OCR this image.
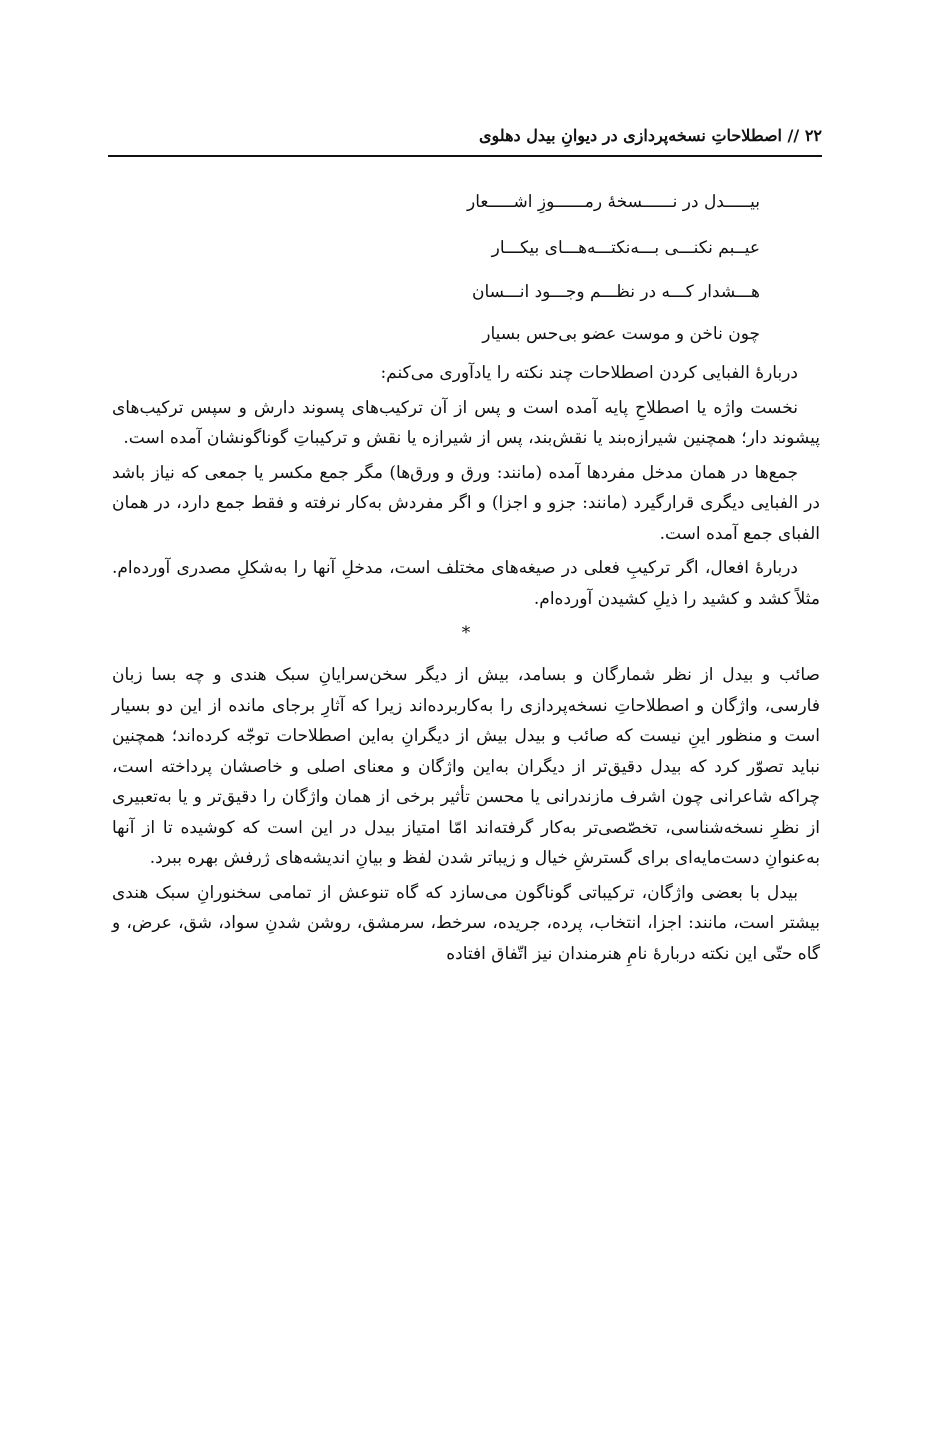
۲۲ // اصطلاحاتِ نسخه‌پردازی در دیوانِ بیدل دهلوی
بیـــــدل در نــــــسخهٔ رمــــــوزِ اشـــــعار
عیــبم نکنـــی بـــه‌نکتـــه‌هـــای بیکـــار
هـــشدار کـــه در نظـــم وجـــود انـــسان
چون ناخن و موست عضو بی‌حس بسیار

دربارهٔ الفبایی کردن اصطلاحات چند نکته را یادآوری می‌کنم:

نخست واژه یا اصطلاحِ پایه آمده است و پس از آن ترکیب‌های پسوند دارش و سپس ترکیب‌های پیشوند دار؛ همچنین شیرازه‌بند یا نقش‌بند، پس از شیرازه یا نقش و ترکیباتِ گوناگونشان آمده است.

جمع‌ها در همان مدخل مفردها آمده (مانند: ورق و ورق‌ها) مگر جمع مکسر یا جمعی که نیاز باشد در الفبایی دیگری قرارگیرد (مانند: جزو و اجزا) و اگر مفردش به‌کار نرفته و فقط جمع دارد، در همان الفبای جمع آمده است.

دربارهٔ افعال، اگر ترکیبِ فعلی در صیغه‌های مختلف است، مدخلِ آنها را به‌شکلِ مصدری آورده‌ام. مثلاً کشد و کشید را ذیلِ کشیدن آورده‌ام.

*

صائب و بیدل از نظر شمارگان و بسامد، بیش از دیگر سخن‌سرایانِ سبک هندی و چه بسا زبان فارسی، واژگان و اصطلاحاتِ نسخه‌پردازی را به‌کاربرده‌اند زیرا که آثارِ برجای مانده از این دو بسیار است و منظور اینِ نیست که صائب و بیدل بیش از دیگرانِ به‌این اصطلاحات توجّه کرده‌اند؛ همچنین نباید تصوّر کرد که بیدل دقیق‌تر از دیگران به‌این واژگان و معنای اصلی و خاصشان پرداخته است، چراکه شاعرانی چون اشرف مازندرانی یا محسن تأثیر برخی از همان واژگان را دقیق‌تر و یا به‌تعبیری از نظرِ نسخه‌شناسی، تخصّصی‌تر به‌کار گرفته‌اند امّا امتیاز بیدل در این است که کوشیده تا از آنها به‌عنوانِ دست‌مایه‌ای برای گسترشِ خیال و زیباتر شدن لفظ و بیانِ اندیشه‌های ژرفش بهره ببرد.

بیدل با بعضی واژگان، ترکیباتی گوناگون می‌سازد که گاه تنوعش از تمامی سخنورانِ سبک هندی بیشتر است، مانند: اجزا، انتخاب، پرده، جریده، سرخط، سرمشق، روشن شدنِ سواد، شق، عرض، و گاه حتّی این نکته دربارهٔ نامِ هنرمندان نیز اتّفاق افتاده
